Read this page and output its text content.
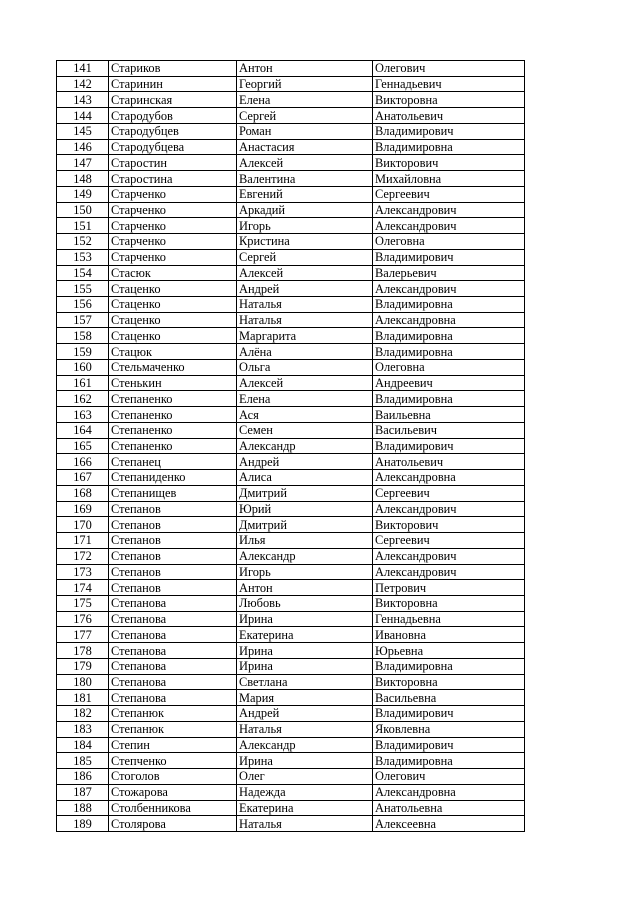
141	Стариков	Антон	Олегович
142	Старинин	Георгий	Геннадьевич
143	Старинская	Елена	Викторовна
144	Стародубов	Сергей	Анатольевич
145	Стародубцев	Роман	Владимирович
146	Стародубцева	Анастасия	Владимировна
147	Старостин	Алексей	Викторович
148	Старостина	Валентина	Михайловна
149	Старченко	Евгений	Сергеевич
150	Старченко	Аркадий	Александрович
151	Старченко	Игорь	Александрович
152	Старченко	Кристина	Олеговна
153	Старченко	Сергей	Владимирович
154	Стасюк	Алексей	Валерьевич
155	Стаценко	Андрей	Александрович
156	Стаценко	Наталья	Владимировна
157	Стаценко	Наталья	Александровна
158	Стаценко	Маргарита	Владимировна
159	Стацюк	Алёна	Владимировна
160	Стельмаченко	Ольга	Олеговна
161	Стенькин	Алексей	Андреевич
162	Степаненко	Елена	Владимировна
163	Степаненко	Ася	Ваильевна
164	Степаненко	Семен	Васильевич
165	Степаненко	Александр	Владимирович
166	Степанец	Андрей	Анатольевич
167	Степаниденко	Алиса	Александровна
168	Степанищев	Дмитрий	Сергеевич
169	Степанов	Юрий	Александрович
170	Степанов	Дмитрий	Викторович
171	Степанов	Илья	Сергеевич
172	Степанов	Александр	Александрович
173	Степанов	Игорь	Александрович
174	Степанов	Антон	Петрович
175	Степанова	Любовь	Викторовна
176	Степанова	Ирина	Геннадьевна
177	Степанова	Екатерина	Ивановна
178	Степанова	Ирина	Юрьевна
179	Степанова	Ирина	Владимировна
180	Степанова	Светлана	Викторовна
181	Степанова	Мария	Васильевна
182	Степанюк	Андрей	Владимирович
183	Степанюк	Наталья	Яковлевна
184	Степин	Александр	Владимирович
185	Степченко	Ирина	Владимировна
186	Стоголов	Олег	Олегович
187	Стожарова	Надежда	Александровна
188	Столбенникова	Екатерина	Анатольевна
189	Столярова	Наталья	Алексеевна
